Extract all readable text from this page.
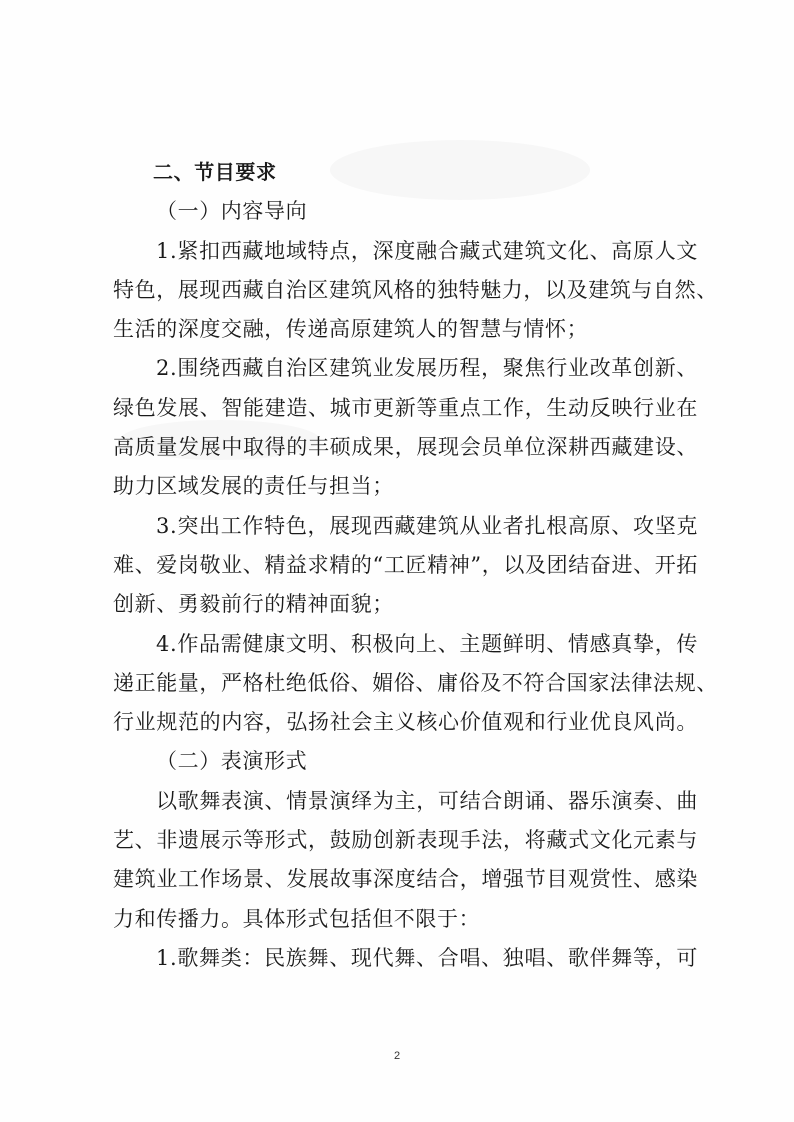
二、节目要求
（一）内容导向
1.紧扣西藏地域特点，深度融合藏式建筑文化、高原人文
特色，展现西藏自治区建筑风格的独特魅力，以及建筑与自然、
生活的深度交融，传递高原建筑人的智慧与情怀；
2.围绕西藏自治区建筑业发展历程，聚焦行业改革创新、
绿色发展、智能建造、城市更新等重点工作，生动反映行业在
高质量发展中取得的丰硕成果，展现会员单位深耕西藏建设、
助力区域发展的责任与担当；
3.突出工作特色，展现西藏建筑从业者扎根高原、攻坚克
难、爱岗敬业、精益求精的“工匠精神”，以及团结奋进、开拓
创新、勇毅前行的精神面貌；
4.作品需健康文明、积极向上、主题鲜明、情感真挚，传
递正能量，严格杜绝低俗、媚俗、庸俗及不符合国家法律法规、
行业规范的内容，弘扬社会主义核心价值观和行业优良风尚。
（二）表演形式
以歌舞表演、情景演绎为主，可结合朗诵、器乐演奏、曲
艺、非遗展示等形式，鼓励创新表现手法，将藏式文化元素与
建筑业工作场景、发展故事深度结合，增强节目观赏性、感染
力和传播力。具体形式包括但不限于：
1.歌舞类：民族舞、现代舞、合唱、独唱、歌伴舞等，可
2
